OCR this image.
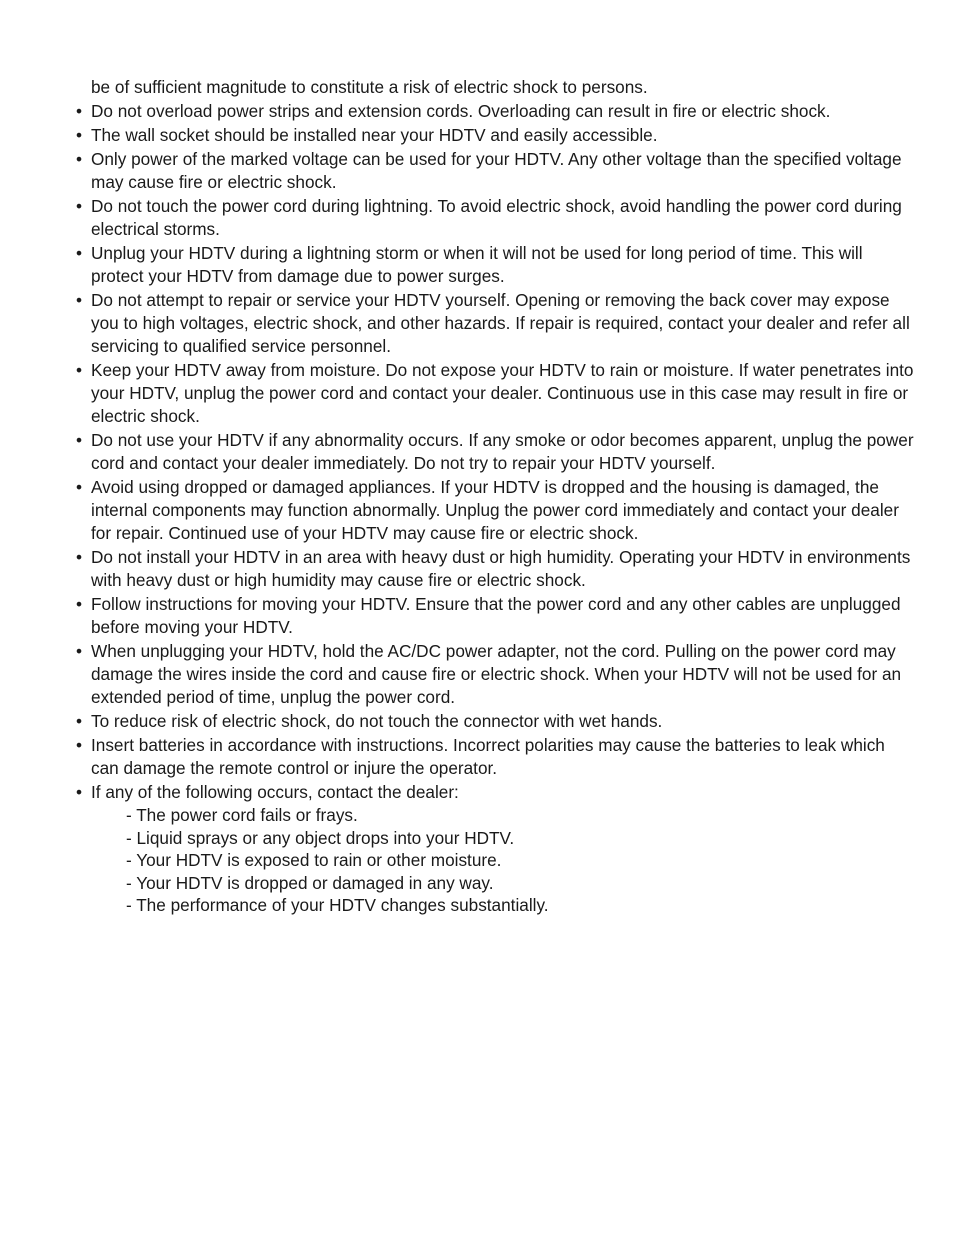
be of sufficient magnitude to constitute a risk of electric shock to persons.

• Do not overload power strips and extension cords. Overloading can result in fire or electric shock.
• The wall socket should be installed near your HDTV and easily accessible.
• Only power of the marked voltage can be used for your HDTV. Any other voltage than the specified voltage may cause fire or electric shock.
• Do not touch the power cord during lightning. To avoid electric shock, avoid handling the power cord during electrical storms.
• Unplug your HDTV during a lightning storm or when it will not be used for long period of time. This will protect your HDTV from damage due to power surges.
• Do not attempt to repair or service your HDTV yourself. Opening or removing the back cover may expose you to high voltages, electric shock, and other hazards. If repair is required, contact your dealer and refer all servicing to qualified service personnel.
• Keep your HDTV away from moisture. Do not expose your HDTV to rain or moisture. If water penetrates into your HDTV, unplug the power cord and contact your dealer. Continuous use in this case may result in fire or electric shock.
• Do not use your HDTV if any abnormality occurs. If any smoke or odor becomes apparent, unplug the power cord and contact your dealer immediately. Do not try to repair your HDTV yourself.
• Avoid using dropped or damaged appliances. If your HDTV is dropped and the housing is damaged, the internal components may function abnormally. Unplug the power cord immediately and contact your dealer for repair. Continued use of your HDTV may cause fire or electric shock.
• Do not install your HDTV in an area with heavy dust or high humidity. Operating your HDTV in environments with heavy dust or high humidity may cause fire or electric shock.
• Follow instructions for moving your HDTV. Ensure that the power cord and any other cables are unplugged before moving your HDTV.
• When unplugging your HDTV, hold the AC/DC power adapter, not the cord. Pulling on the power cord may damage the wires inside the cord and cause fire or electric shock. When your HDTV will not be used for an extended period of time, unplug the power cord.
• To reduce risk of electric shock, do not touch the connector with wet hands.
• Insert batteries in accordance with instructions. Incorrect polarities may cause the batteries to leak which can damage the remote control or injure the operator.
• If any of the following occurs, contact the dealer:
- The power cord fails or frays.
- Liquid sprays or any object drops into your HDTV.
- Your HDTV is exposed to rain or other moisture.
- Your HDTV is dropped or damaged in any way.
- The performance of your HDTV changes substantially.
